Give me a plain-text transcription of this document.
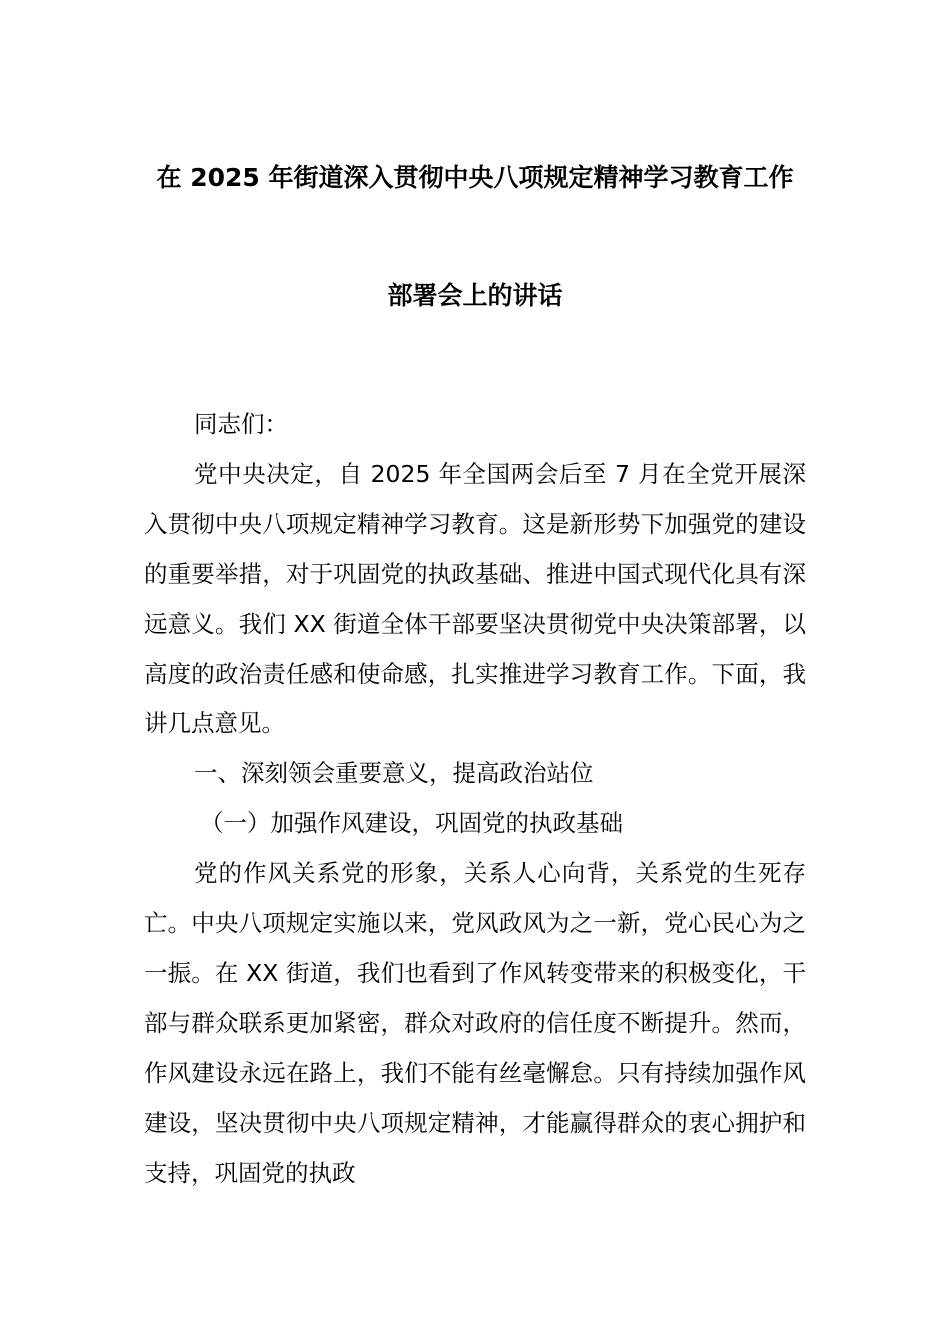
在 2025 年街道深入贯彻中央八项规定精神学习教育工作
部署会上的讲话

同志们：

党中央决定，自 2025 年全国两会后至 7 月在全党开展深入贯彻中央八项规定精神学习教育。这是新形势下加强党的建设的重要举措，对于巩固党的执政基础、推进中国式现代化具有深远意义。我们 XX 街道全体干部要坚决贯彻党中央决策部署，以高度的政治责任感和使命感，扎实推进学习教育工作。下面，我讲几点意见。

一、深刻领会重要意义，提高政治站位

（一）加强作风建设，巩固党的执政基础

党的作风关系党的形象，关系人心向背，关系党的生死存亡。中央八项规定实施以来，党风政风为之一新，党心民心为之一振。在 XX 街道，我们也看到了作风转变带来的积极变化，干部与群众联系更加紧密，群众对政府的信任度不断提升。然而，作风建设永远在路上，我们不能有丝毫懈怠。只有持续加强作风建设，坚决贯彻中央八项规定精神，才能赢得群众的衷心拥护和支持，巩固党的执政
